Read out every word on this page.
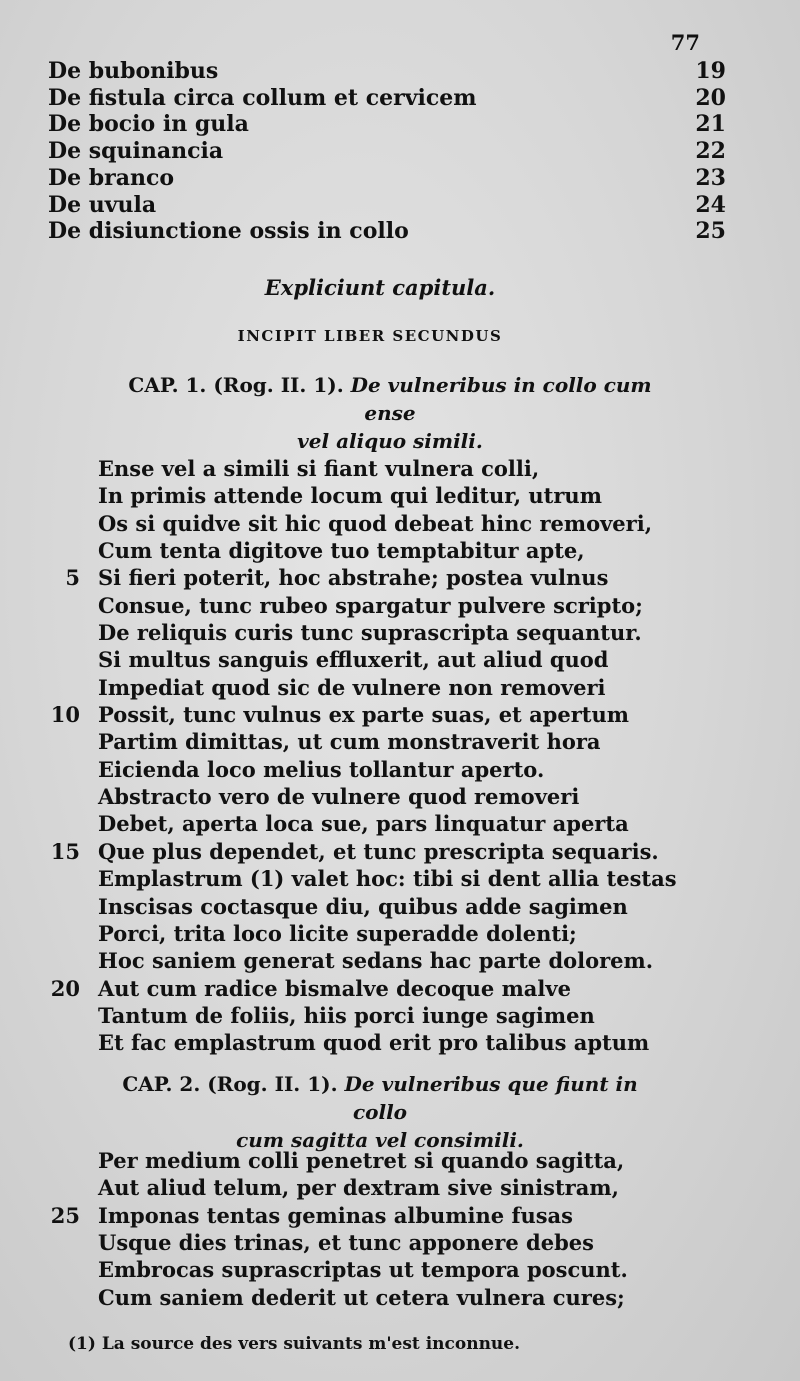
77
De bubonibus	19
De fistula circa collum et cervicem	20
De bocio in gula	21
De squinancia	22
De branco	23
De uvula	24
De disiunctione ossis in collo	25
Expliciunt capitula.
INCIPIT LIBER SECUNDUS
CAP. 1. (Rog. II. 1). De vulneribus in collo cum ense
vel aliquo simili.
Ense vel a simili si fiant vulnera colli,
In primis attende locum qui leditur, utrum
Os si quidve sit hic quod debeat hinc removeri,
Cum tenta digitove tuo temptabitur apte,
5 Si fieri poterit, hoc abstrahe; postea vulnus
Consue, tunc rubeo spargatur pulvere scripto;
De reliquis curis tunc suprascripta sequantur.
Si multus sanguis effluxerit, aut aliud quod
Impediat quod sic de vulnere non removeri
10 Possit, tunc vulnus ex parte suas, et apertum
Partim dimittas, ut cum monstraverit hora
Eicienda loco melius tollantur aperto.
Abstracto vero de vulnere quod removeri
Debet, aperta loca sue, pars linquatur aperta
15 Que plus dependet, et tunc prescripta sequaris.
Emplastrum (1) valet hoc: tibi si dent allia testas
Inscisas coctasque diu, quibus adde sagimen
Porci, trita loco licite superadde dolenti;
Hoc saniem generat sedans hac parte dolorem.
20 Aut cum radice bismalve decoque malve
Tantum de foliis, hiis porci iunge sagimen
Et fac emplastrum quod erit pro talibus aptum
CAP. 2. (Rog. II. 1). De vulneribus que fiunt in collo
cum sagitta vel consimili.
Per medium colli penetret si quando sagitta,
Aut aliud telum, per dextram sive sinistram,
25 Imponas tentas geminas albumine fusas
Usque dies trinas, et tunc apponere debes
Embrocas suprascriptas ut tempora poscunt.
Cum saniem dederit ut cetera vulnera cures;
(1) La source des vers suivants m'est inconnue.
